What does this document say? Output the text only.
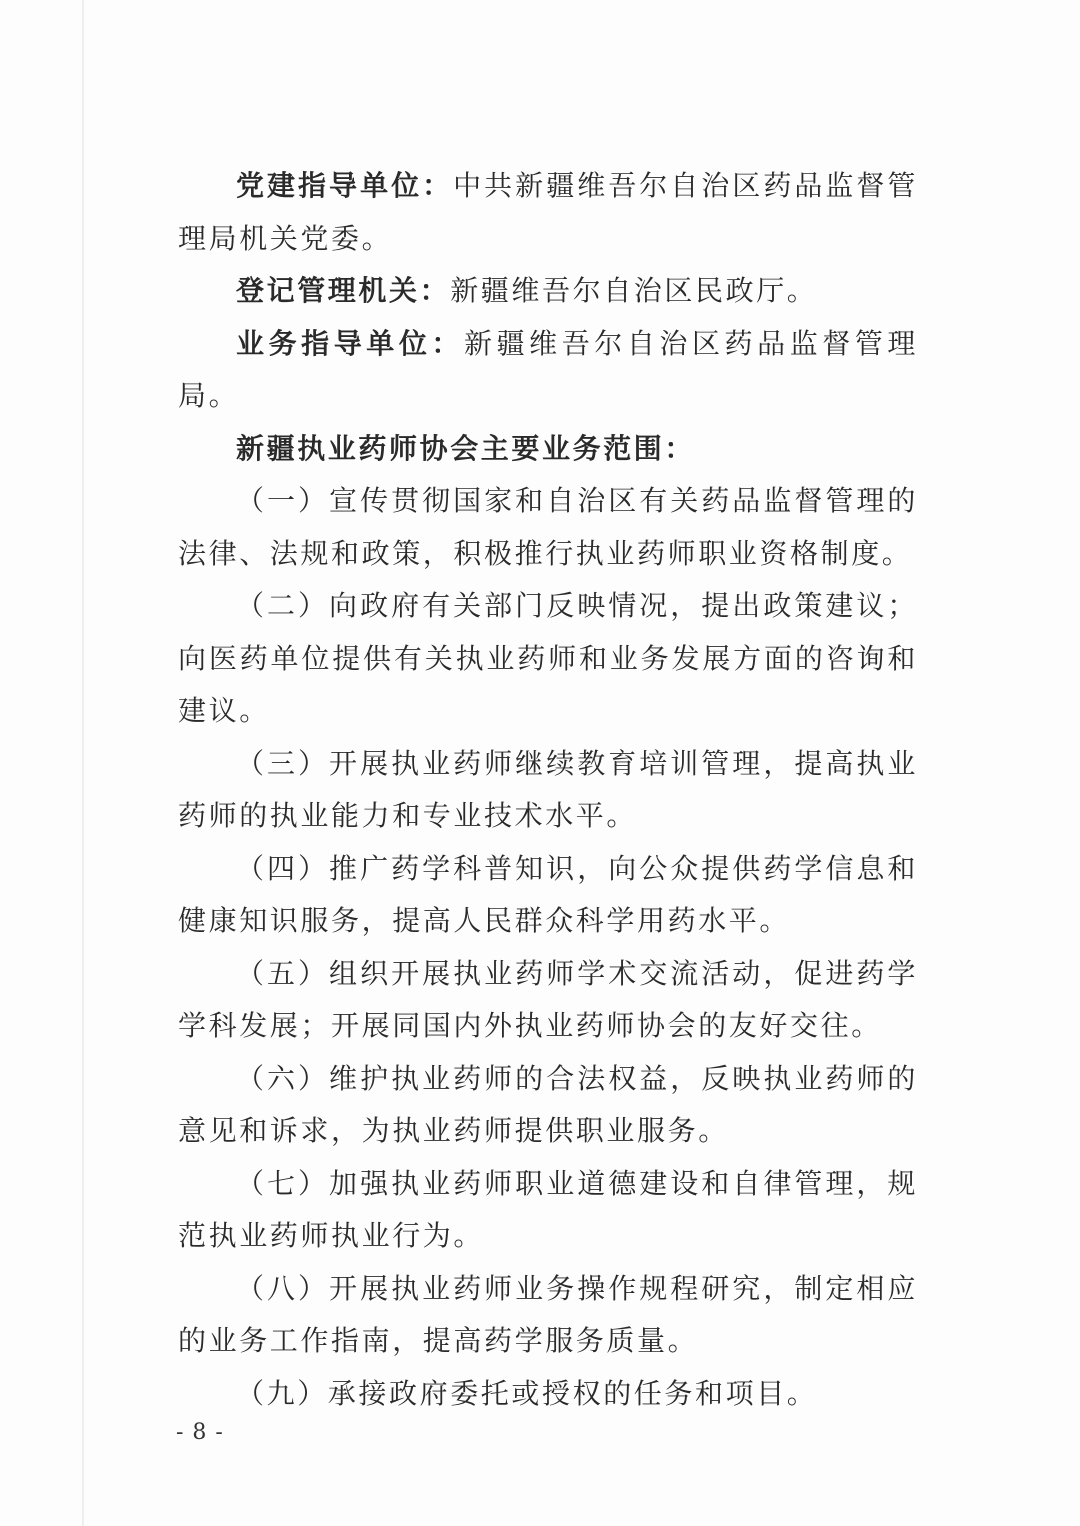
党建指导单位：中共新疆维吾尔自治区药品监督管理局机关党委。

登记管理机关：新疆维吾尔自治区民政厅。

业务指导单位：新疆维吾尔自治区药品监督管理局。

新疆执业药师协会主要业务范围：

（一）宣传贯彻国家和自治区有关药品监督管理的法律、法规和政策，积极推行执业药师职业资格制度。

（二）向政府有关部门反映情况，提出政策建议；向医药单位提供有关执业药师和业务发展方面的咨询和建议。

（三）开展执业药师继续教育培训管理，提高执业药师的执业能力和专业技术水平。

（四）推广药学科普知识，向公众提供药学信息和健康知识服务，提高人民群众科学用药水平。

（五）组织开展执业药师学术交流活动，促进药学学科发展；开展同国内外执业药师协会的友好交往。

（六）维护执业药师的合法权益，反映执业药师的意见和诉求，为执业药师提供职业服务。

（七）加强执业药师职业道德建设和自律管理，规范执业药师执业行为。

（八）开展执业药师业务操作规程研究，制定相应的业务工作指南，提高药学服务质量。

（九）承接政府委托或授权的任务和项目。

- 8 -
